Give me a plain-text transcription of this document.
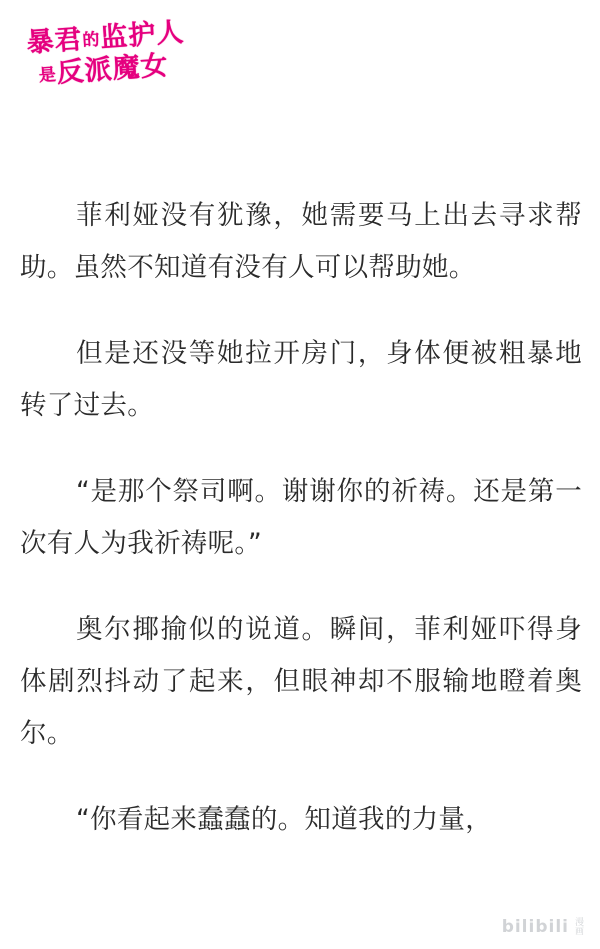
暴君的监护人
是反派魔女

菲利娅没有犹豫，她需要马上出去寻求帮助。虽然不知道有没有人可以帮助她。

但是还没等她拉开房门，身体便被粗暴地转了过去。

“是那个祭司啊。谢谢你的祈祷。还是第一次有人为我祈祷呢。”

奥尔揶揄似的说道。瞬间，菲利娅吓得身体剧烈抖动了起来，但眼神却不服输地瞪着奥尔。

“你看起来蠢蠢的。知道我的力量，

bilibili 漫画
